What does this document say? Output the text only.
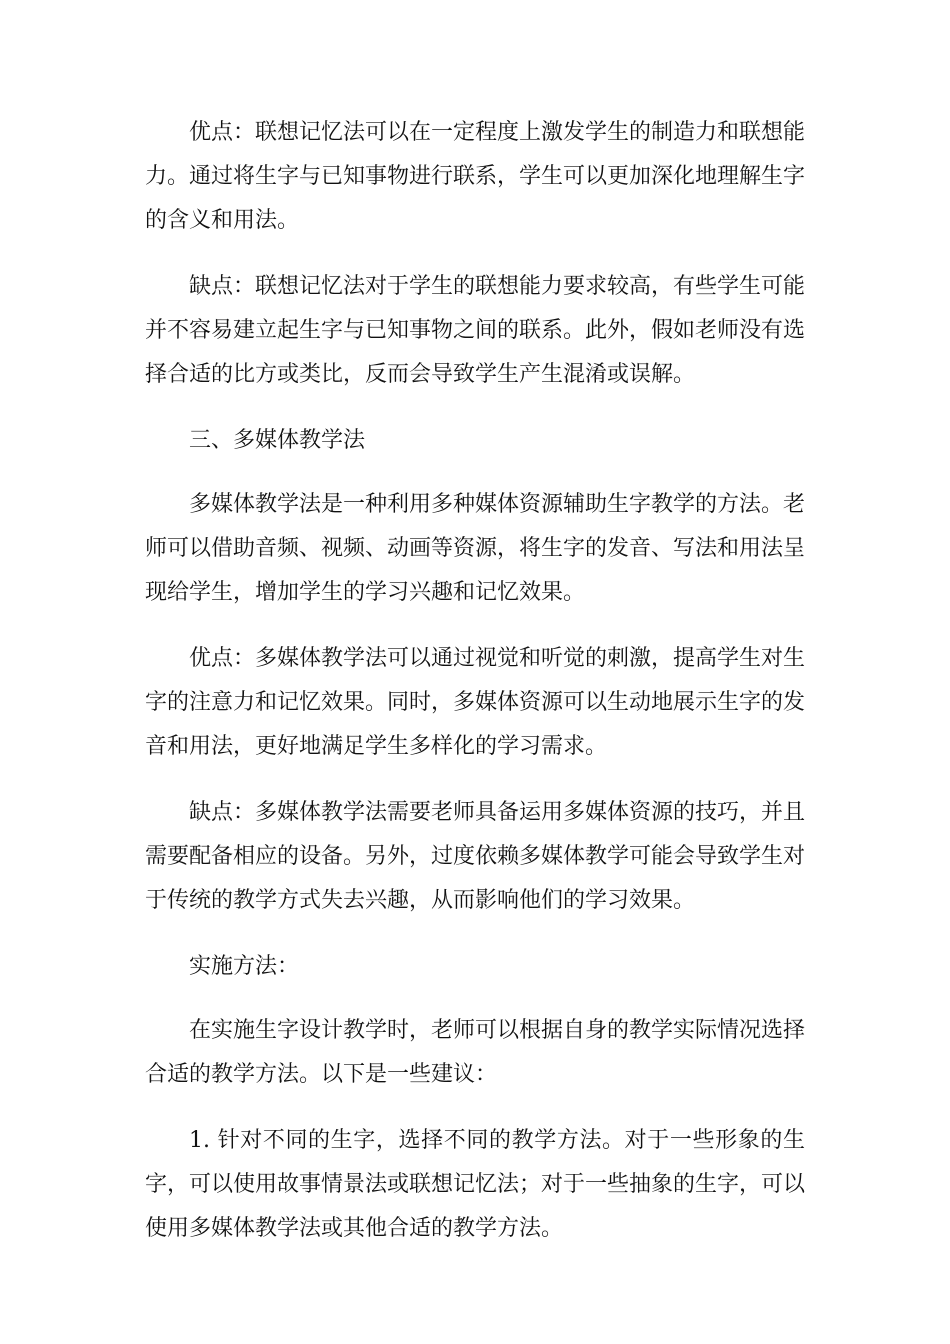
优点：联想记忆法可以在一定程度上激发学生的制造力和联想能力。通过将生字与已知事物进行联系，学生可以更加深化地理解生字的含义和用法。

缺点：联想记忆法对于学生的联想能力要求较高，有些学生可能并不容易建立起生字与已知事物之间的联系。此外，假如老师没有选择合适的比方或类比，反而会导致学生产生混淆或误解。

三、多媒体教学法

多媒体教学法是一种利用多种媒体资源辅助生字教学的方法。老师可以借助音频、视频、动画等资源，将生字的发音、写法和用法呈现给学生，增加学生的学习兴趣和记忆效果。

优点：多媒体教学法可以通过视觉和听觉的刺激，提高学生对生字的注意力和记忆效果。同时，多媒体资源可以生动地展示生字的发音和用法，更好地满足学生多样化的学习需求。

缺点：多媒体教学法需要老师具备运用多媒体资源的技巧，并且需要配备相应的设备。另外，过度依赖多媒体教学可能会导致学生对于传统的教学方式失去兴趣，从而影响他们的学习效果。

实施方法：

在实施生字设计教学时，老师可以根据自身的教学实际情况选择合适的教学方法。以下是一些建议：

1. 针对不同的生字，选择不同的教学方法。对于一些形象的生字，可以使用故事情景法或联想记忆法；对于一些抽象的生字，可以使用多媒体教学法或其他合适的教学方法。
